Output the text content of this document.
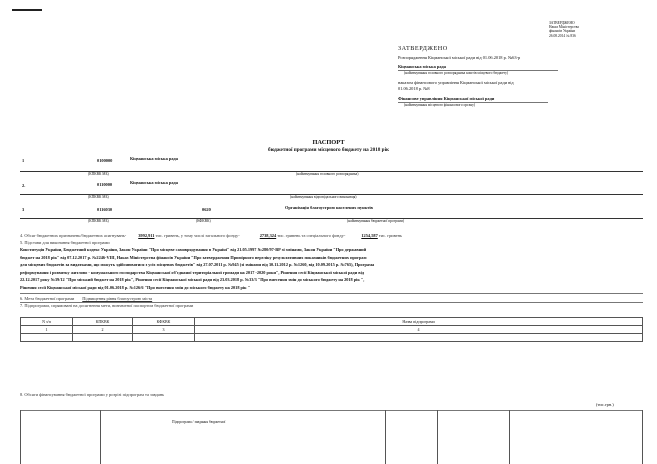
ЗАТВЕРДЖЕНО
Наказ Міністерства
фінансів України
26.08.2014 № 836
ЗАТВЕРДЖЕНО
Розпорядження Кіцманської міської ради від 01.06.2018 р. №63-р
Кіцманська міська рада
(найменування головного розпорядника коштів місцевого бюджету)
наказом фінансового управління Кіцманської міської ради від
01.06.2018 р. №8
Фінансове управління Кіцманської міської ради
(найменування місцевого фінансового органу)
ПАСПОРТ
бюджетної програми місцевого бюджету на 2018 рік
1	0100000	Кіцманська міська рада
(КПКВК МБ)	(найменування головного розпорядника)
2.	0110000	Кіцманська міська рада
(КПКВК МБ)	(найменування відповідального виконавця)
3	0116030	0620	Організація благоустрою населених пунктів
(КПКВК МБ)	(КФКВК)	(найменування бюджетної програми)
4. Обсяг бюджетних призначень/бюджетних асигнувань-	3992,911 тис. гривень, у тому числі загального фонду-	2738,324 тис. гривень та спеціального фонду-	1254,587 тис. гривень
5. Підстави для виконання бюджетної програми
Конституція України, Бюджетний кодекс України, Закон України "Про місцеве самоврядування в Україні" від 21.05.1997 №280/97-ВР зі змінами, Закон України "Про державний
бюджет на 2018 рік" від 07.12.2017 р. №2246-VIII, Наказ Міністерства фінансів України "Про затвердження Примірного переліку результативних показників бюджетних програм
для місцевих бюджетів за видатками, що можуть здійснюватися з усіх місцевих бюджетів" від 27.07.2011 р. №945 (зі змінами від 30.11.2012 р. №1260, від 10.09.2015 р. №765), Програма
реформування і розвитку житлово - комунального господарства Кіцманської об'єднаної територіальної громади на 2017 -2020 роки", Рішення сесії Кіцманської міської ради від
22.12.2017 року №39/12 "Про міський бюджет на 2018 рік", Рішення сесії Кіцманської міської ради від 23.03.2018 р. №33/3 "Про внесення змін до міського бюджету на 2018 рік ",
Рішення сесії Кіцманської міської ради від 01.06.2018 р. №126/6 "Про внесення змін до міського бюджету на 2018 рік "
6. Мета бюджетної програми Підвищення рівня благоустрою міста
7. Підпрограми, спрямовані на досягнення мети, визначеної паспортом бюджетної програми
N з/п	КПКВК	КФКВК	Назва підпрограми
1	2	3	4

8. Обсяги фінансування бюджетної програми у розрізі підпрограм та завдань
(тис.грн.)
Підпрограма / завдання бюджетної
